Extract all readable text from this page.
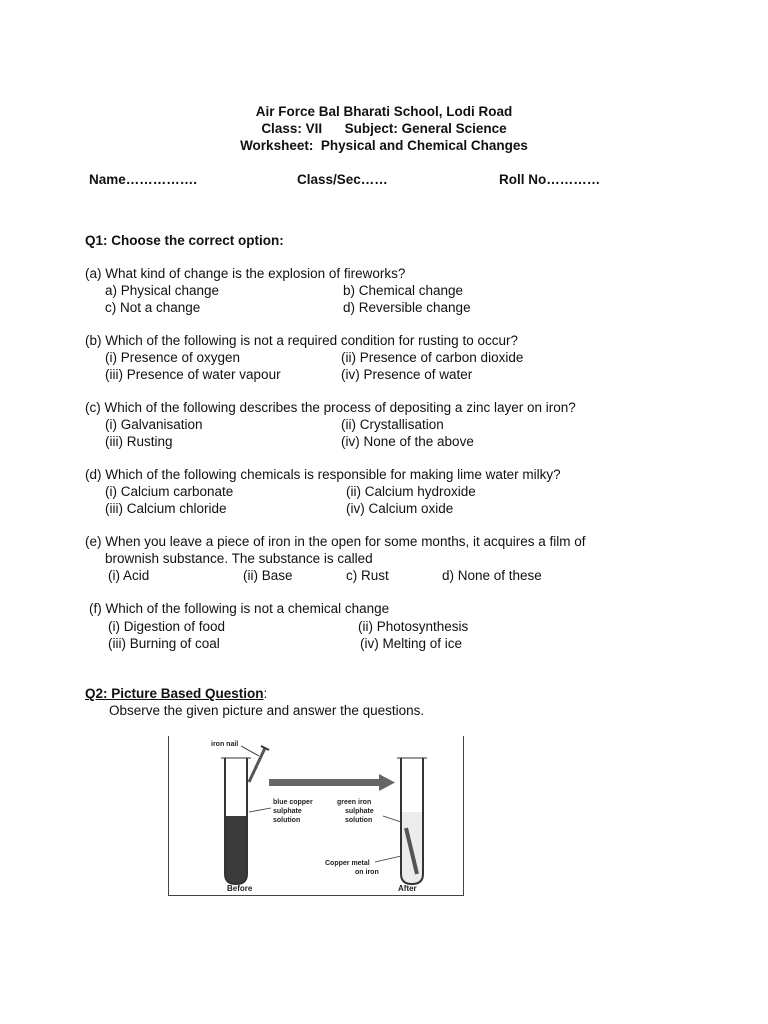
Air Force Bal Bharati School, Lodi Road
Class: VII      Subject: General Science
Worksheet:  Physical and Chemical Changes
Name…………….	Class/Sec……	Roll No…………
Q1: Choose the correct option:
(a) What kind of change is the explosion of fireworks?
a) Physical change	b) Chemical change
c) Not a change	d) Reversible change
(b) Which of the following is not a required condition for rusting to occur?
(i) Presence of oxygen	(ii) Presence of carbon dioxide
(iii) Presence of water vapour	(iv) Presence of water
(c) Which of the following describes the process of depositing a zinc layer on iron?
(i) Galvanisation	(ii) Crystallisation
(iii) Rusting	(iv) None of the above
(d) Which of the following chemicals is responsible for making lime water milky?
(i) Calcium carbonate	(ii) Calcium hydroxide
(iii) Calcium chloride	(iv) Calcium oxide
(e) When you leave a piece of iron in the open for some months, it acquires a film of
brownish substance. The substance is called
(i) Acid	(ii) Base	c) Rust	d) None of these
(f) Which of the following is not a chemical change
(i) Digestion of food	(ii) Photosynthesis
(iii) Burning of coal	(iv) Melting of ice
Q2: Picture Based Question:
Observe the given picture and answer the questions.
iron nail
blue copper sulphate solution
green iron sulphate solution
Copper metal on iron
Before	After
